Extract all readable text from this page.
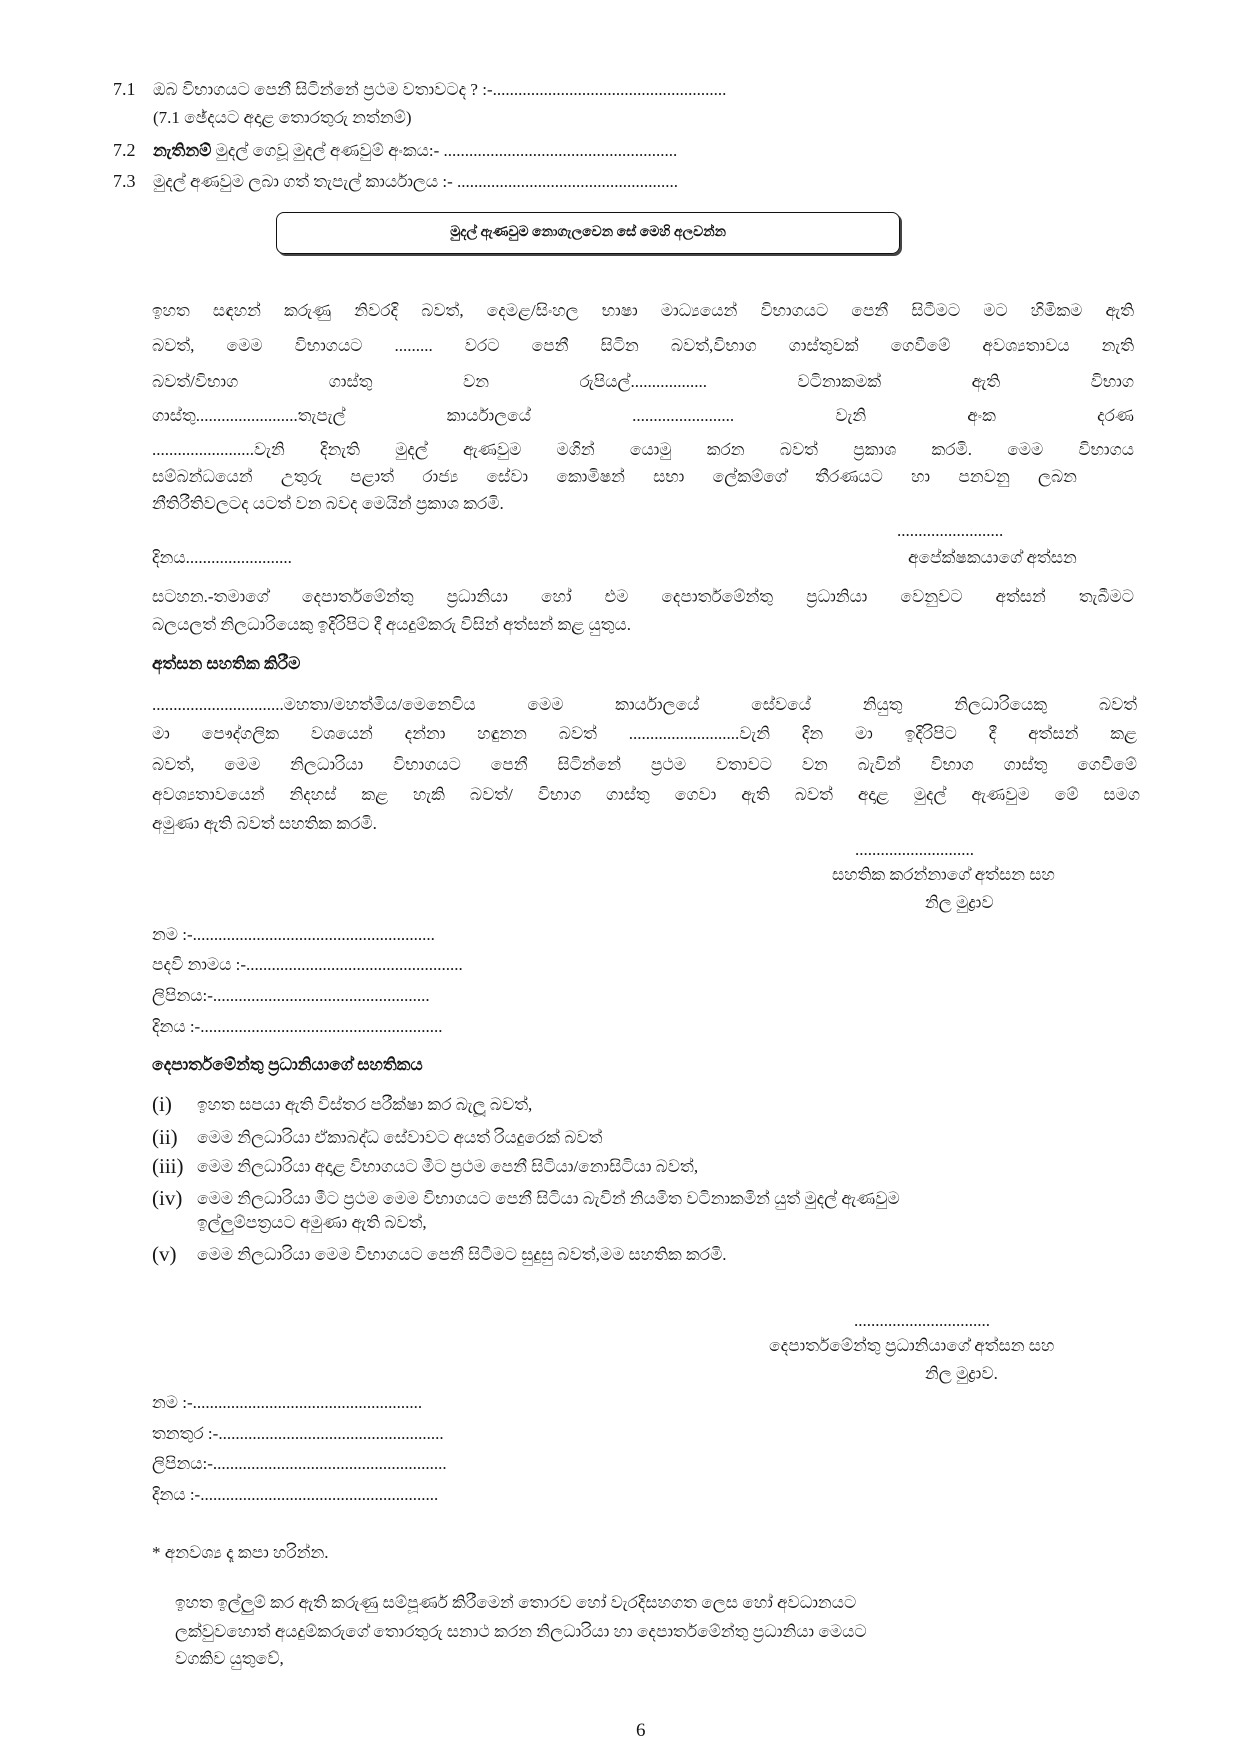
7.1 ඔබ විභාගයට පෙනී සිටින්නේ ප්‍රථම වතාවටද ? :-.......................................................
(7.1 ඡේදයට අදාළ තොරතුරු නත්නම්)
7.2 නැතිනම් මුදල් ගෙවූ මුදල් අණවුම් අංකය:- .......................................................
7.3 මුදල් අණවුම ලබා ගත් තැපැල් කාර්යාලය :- ....................................................
මුදල් ඇණවුම නොගැලවෙන සේ මෙහි අලවන්න
ඉහත සඳහන් කරුණු නිවරදි බවත්, දෙමළ/සිංහල භාෂා මාධ්‍යයෙන් විභාගයට පෙනී සිටීමට මට හිමිකම ඇති
බවත්, මෙම විභාගයට ......... වරට පෙනී සිටින බවත්,විභාග ගාස්තුවක් ගෙවීමේ අවශ්‍යතාවය නැති
බවත්/විභාග ගාස්තු වන රුපියල්.................. වටිනාකමක් ඇති විභාග
ගාස්තු........................තැපැල් කාර්යාලයේ ........................ වැනි අංක දරණ
........................වැනි දිනැති මුදල් ඇණවුම මගින් යොමු කරන බවත් ප්‍රකාශ කරමි. මෙම විභාගය
සම්බන්ධයෙන් උතුරු පළාත් රාජ්‍ය සේවා කොමිෂන් සභා ලේකම්ගේ තීරණයට හා පනවනු ලබන
නීතිරීතිවලටද යටත් වන බවද මෙයින් ප්‍රකාශ කරමි.
.........................
දිනය.........................	අපේක්ෂකයාගේ අත්සන
සටහන.-තමාගේ දෙපාර්තමේන්තු ප්‍රධානියා හෝ එම දෙපාර්තමේන්තු ප්‍රධානියා වෙනුවට අත්සන් තැබීමට
බලයලත් නිලධාරියෙකු ඉදිරිපිට දී අයදුම්කරු විසින් අත්සන් කළ යුතුය.
අත්සන සහතික කිරීම
...............................මහතා/මහත්මිය/මෙනෙවිය මෙම කාර්යාලයේ සේවයේ නියුතු නිලධාරියෙකු බවත්
මා පෞද්ගලික වශයෙන් දන්නා හඳුනන බවත් ..........................වැනි දින මා ඉදිරිපිට දී අත්සන් කළ
බවත්, මෙම නිලධාරියා විභාගයට පෙනී සිටින්නේ ප්‍රථම වතාවට වන බැවින් විභාග ගාස්තු ගෙවීමේ
අවශ්‍යතාවයෙන් නිදහස් කළ හැකි බවත්/ විභාග ගාස්තු ගෙවා ඇති බවත් අදාළ මුදල් ඇණවුම මේ සමග
අමුණා ඇති බවත් සහතික කරමි.
............................
සහතික කරන්නාගේ අත්සන සහ
නිල මුද්‍රාව
නම :-.........................................................
පදවි නාමය :-...................................................
ලිපිනය:-...................................................
දිනය :-.........................................................
දෙපාර්තමේන්තු ප්‍රධානියාගේ සහතිකය
(i) ඉහත සපයා ඇති විස්තර පරීක්ෂා කර බැලූ බවත්,
(ii) මෙම නිලධාරියා ඒකාබද්ධ සේවාවට අයත් රියදුරෙක් බවත්
(iii) මෙම නිලධාරියා අදාළ විභාගයට මීට ප්‍රථම පෙනී සිටියා/නොසිටියා බවත්,
(iv) මෙම නිලධාරියා මීට ප්‍රථම මෙම විභාගයට පෙනී සිටියා බැවින් නියමිත වටිනාකමින් යුත් මුදල් ඇණවුම
ඉල්ලුම්පත්‍රයට අමුණා ඇති බවත්,
(v) මෙම නිලධාරියා මෙම විභාගයට පෙනී සිටීමට සුදුසු බවත්,මම සහතික කරමි.
................................
දෙපාර්තමේන්තු ප්‍රධානියාගේ අත්සන සහ
නිල මුද්‍රාව.
නම :-......................................................
තනතුර :-.....................................................
ලිපිනය:-.......................................................
දිනය :-........................................................
* අනවශ්‍ය දෑ කපා හරින්න.
ඉහත ඉල්ලුම් කර ඇති කරුණු සම්පූර්ණ කිරීමෙන් තොරව හෝ වැරදිසහගත ලෙස හෝ අවධානයට
ලක්වුවහොත් අයදුම්කරුගේ තොරතුරු සනාථ කරන නිලධාරියා හා දෙපාර්තමේන්තු ප්‍රධානියා මෙයට
වගකිව යුතුවේ,
6
